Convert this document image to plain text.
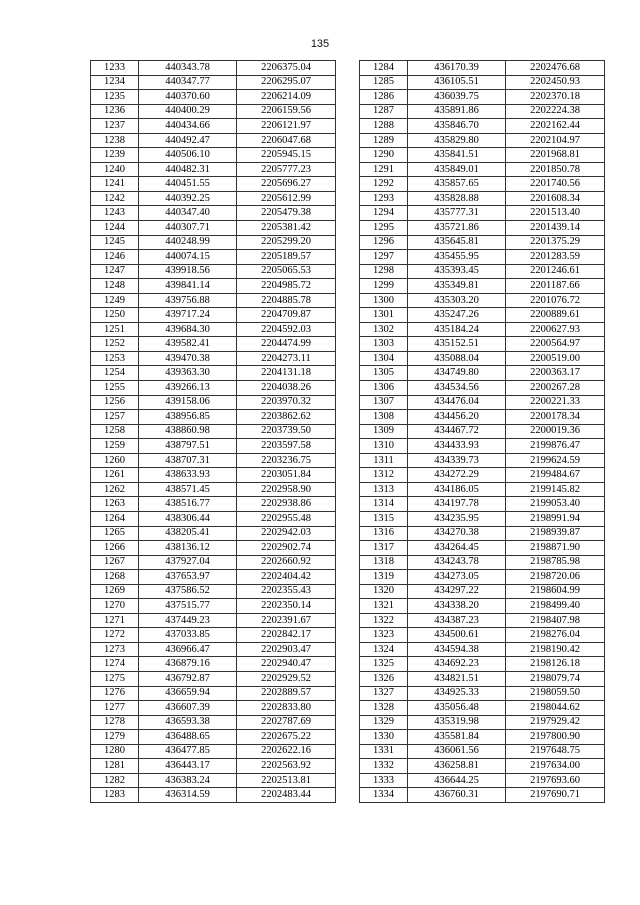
135
1233	440343.78	2206375.04
1234	440347.77	2206295.07
1235	440370.60	2206214.09
1236	440400.29	2206159.56
1237	440434.66	2206121.97
1238	440492.47	2206047.68
1239	440506.10	2205945.15
1240	440482.31	2205777.23
1241	440451.55	2205696.27
1242	440392.25	2205612.99
1243	440347.40	2205479.38
1244	440307.71	2205381.42
1245	440248.99	2205299.20
1246	440074.15	2205189.57
1247	439918.56	2205065.53
1248	439841.14	2204985.72
1249	439756.88	2204885.78
1250	439717.24	2204709.87
1251	439684.30	2204592.03
1252	439582.41	2204474.99
1253	439470.38	2204273.11
1254	439363.30	2204131.18
1255	439266.13	2204038.26
1256	439158.06	2203970.32
1257	438956.85	2203862.62
1258	438860.98	2203739.50
1259	438797.51	2203597.58
1260	438707.31	2203236.75
1261	438633.93	2203051.84
1262	438571.45	2202958.90
1263	438516.77	2202938.86
1264	438306.44	2202955.48
1265	438205.41	2202942.03
1266	438136.12	2202902.74
1267	437927.04	2202660.92
1268	437653.97	2202404.42
1269	437586.52	2202355.43
1270	437515.77	2202350.14
1271	437449.23	2202391.67
1272	437033.85	2202842.17
1273	436966.47	2202903.47
1274	436879.16	2202940.47
1275	436792.87	2202929.52
1276	436659.94	2202889.57
1277	436607.39	2202833.80
1278	436593.38	2202787.69
1279	436488.65	2202675.22
1280	436477.85	2202622.16
1281	436443.17	2202563.92
1282	436383.24	2202513.81
1283	436314.59	2202483.44
1284	436170.39	2202476.68
1285	436105.51	2202450.93
1286	436039.75	2202370.18
1287	435891.86	2202224.38
1288	435846.70	2202162.44
1289	435829.80	2202104.97
1290	435841.51	2201968.81
1291	435849.01	2201850.78
1292	435857.65	2201740.56
1293	435828.88	2201608.34
1294	435777.31	2201513.40
1295	435721.86	2201439.14
1296	435645.81	2201375.29
1297	435455.95	2201283.59
1298	435393.45	2201246.61
1299	435349.81	2201187.66
1300	435303.20	2201076.72
1301	435247.26	2200889.61
1302	435184.24	2200627.93
1303	435152.51	2200564.97
1304	435088.04	2200519.00
1305	434749.80	2200363.17
1306	434534.56	2200267.28
1307	434476.04	2200221.33
1308	434456.20	2200178.34
1309	434467.72	2200019.36
1310	434433.93	2199876.47
1311	434339.73	2199624.59
1312	434272.29	2199484.67
1313	434186.05	2199145.82
1314	434197.78	2199053.40
1315	434235.95	2198991.94
1316	434270.38	2198939.87
1317	434264.45	2198871.90
1318	434243.78	2198785.98
1319	434273.05	2198720.06
1320	434297.22	2198604.99
1321	434338.20	2198499.40
1322	434387.23	2198407.98
1323	434500.61	2198276.04
1324	434594.38	2198190.42
1325	434692.23	2198126.18
1326	434821.51	2198079.74
1327	434925.33	2198059.50
1328	435056.48	2198044.62
1329	435319.98	2197929.42
1330	435581.84	2197800.90
1331	436061.56	2197648.75
1332	436258.81	2197634.00
1333	436644.25	2197693.60
1334	436760.31	2197690.71
